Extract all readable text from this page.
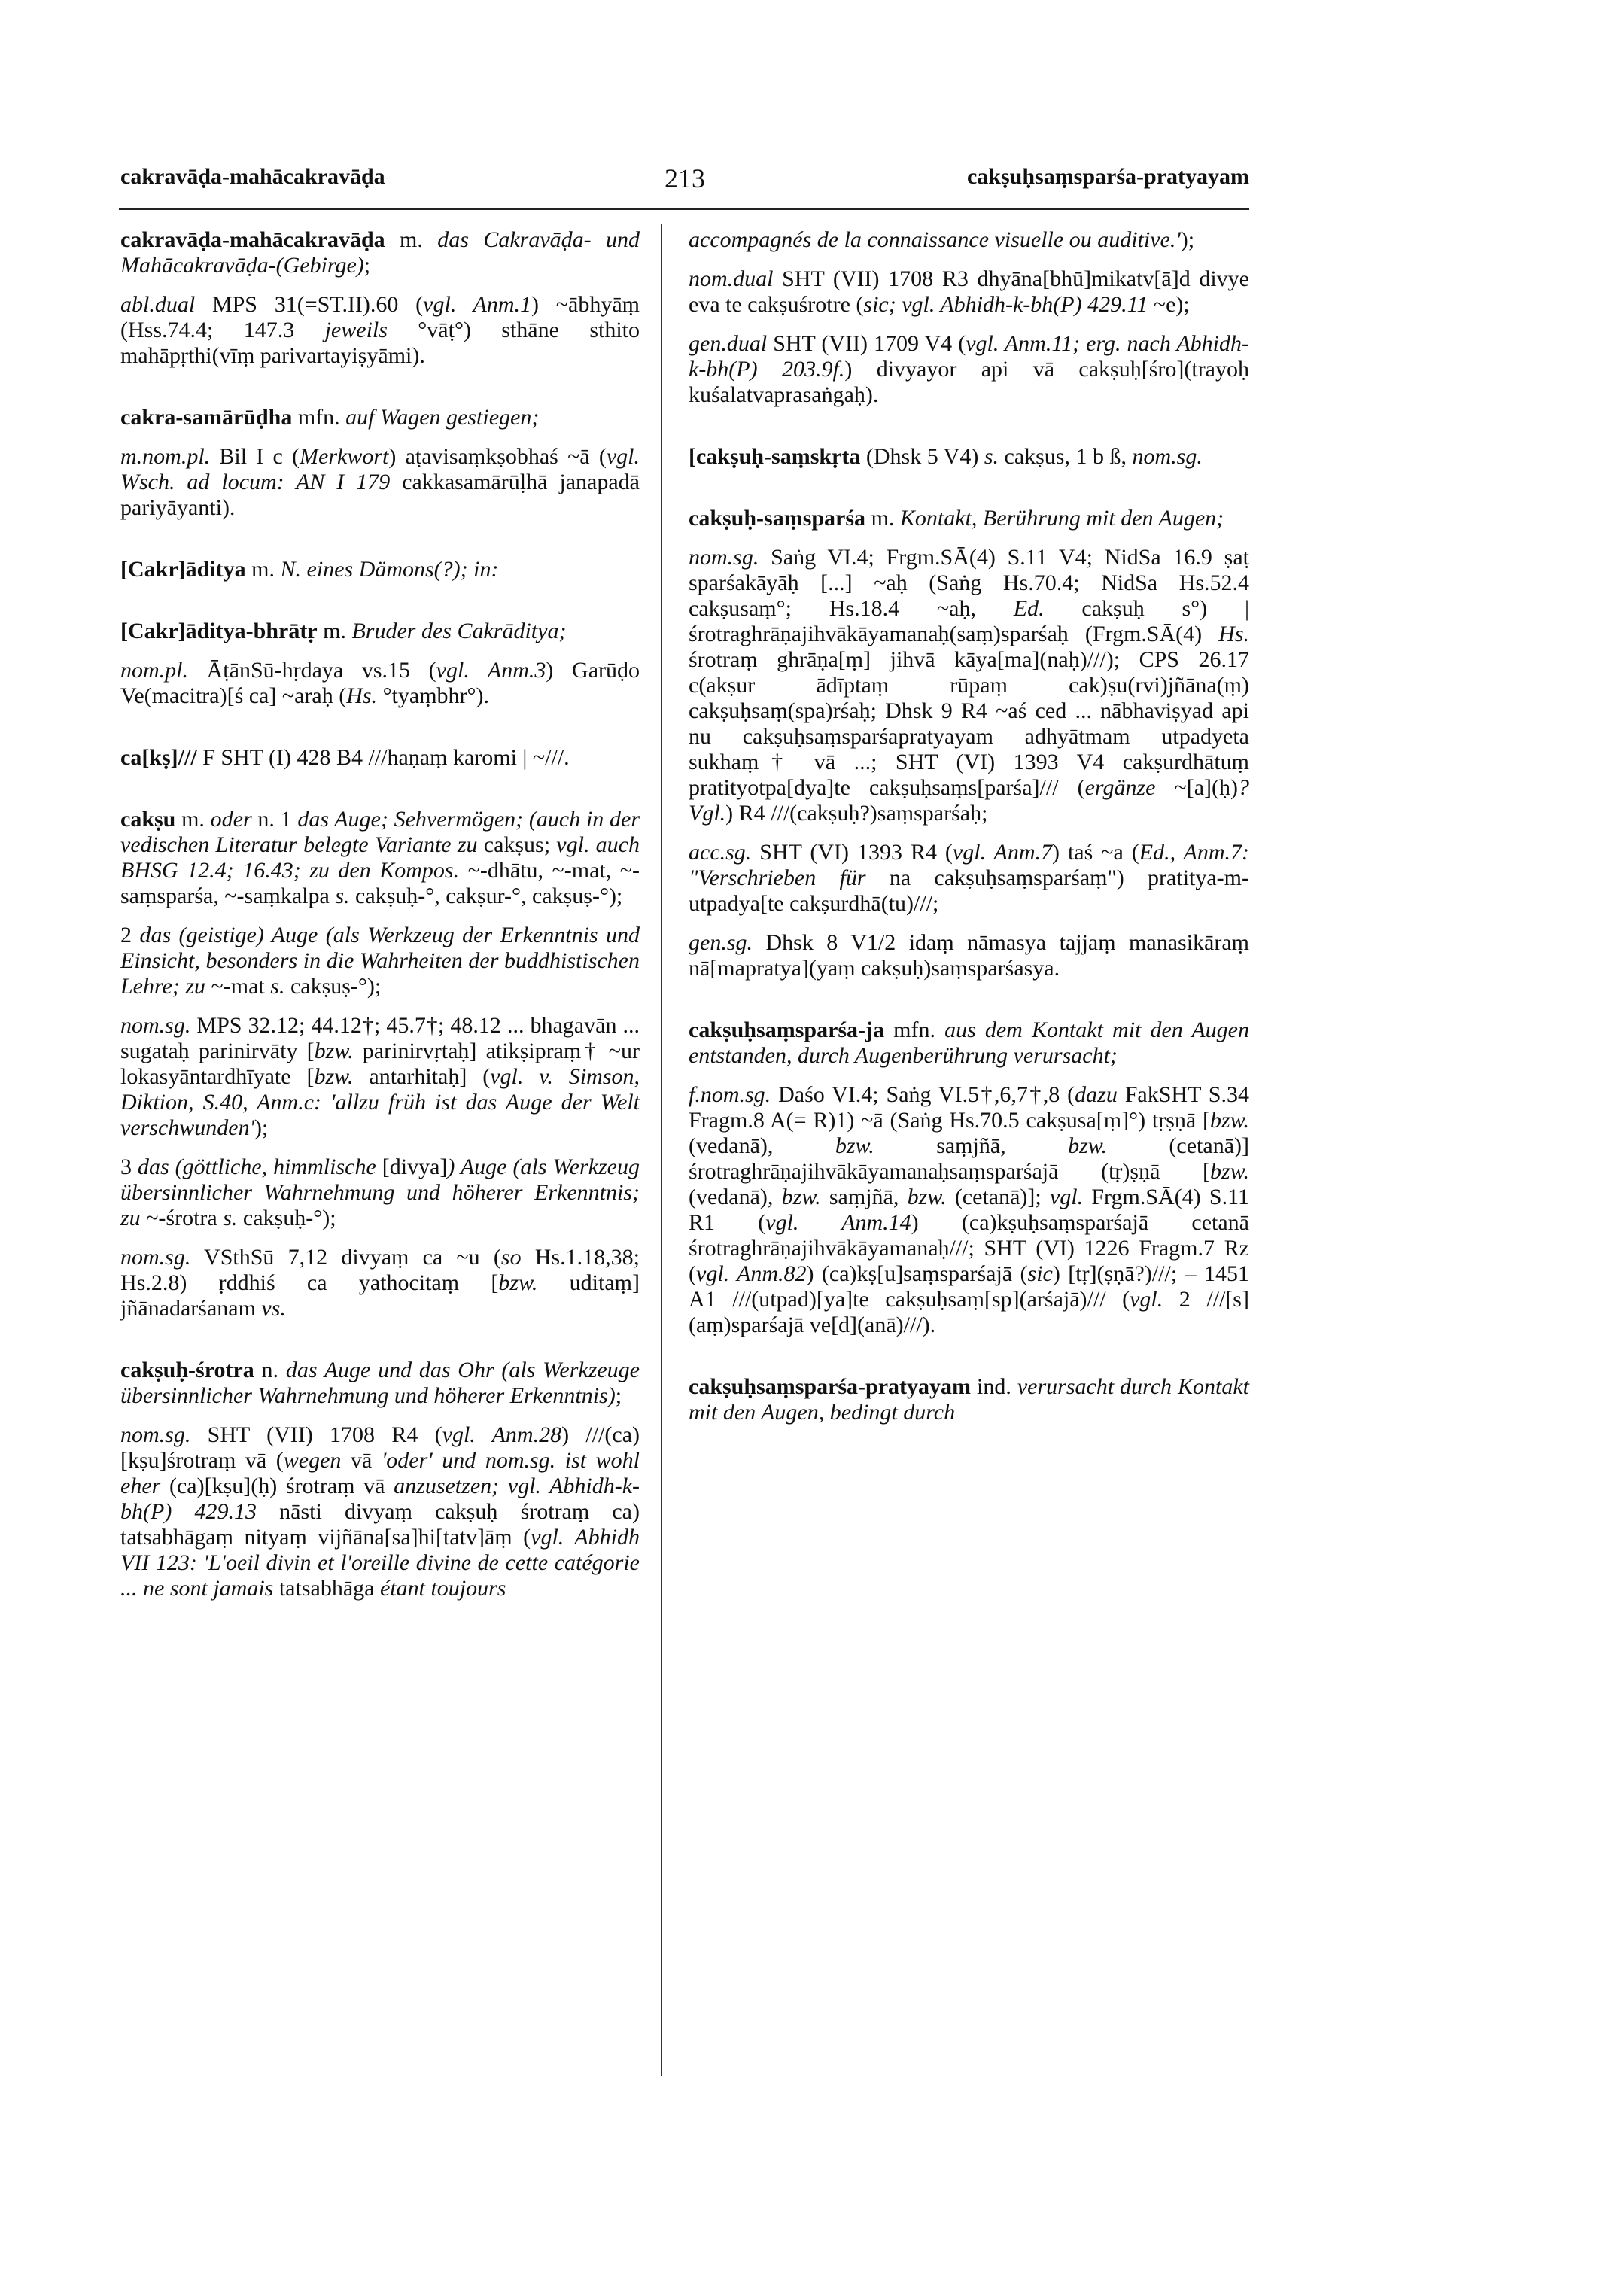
cakravāḍa-mahācakravāḍa	213	cakṣuḥsaṃsparśa-pratyayam

cakravāḍa-mahācakravāḍa m. das Cakravāḍa- und Mahācakravāḍa-(Gebirge);

abl.dual MPS 31(=ST.II).60 (vgl. Anm.1) ~ābhyāṃ (Hss.74.4; 147.3 jeweils °vāṭ°) sthāne sthito mahāpṛthi(vīṃ parivartayiṣyāmi).

cakra-samārūḍha mfn. auf Wagen gestiegen;

m.nom.pl. Bil I c (Merkwort) aṭavisaṃkṣobhaś ~ā (vgl. Wsch. ad locum: AN I 179 cakkasamārūḷhā janapadā pariyāyanti).

[Cakr]āditya m. N. eines Dämons(?); in:

[Cakr]āditya-bhrātṛ m. Bruder des Cakrāditya;

nom.pl. ĀṭānSū-hṛdaya vs.15 (vgl. Anm.3) Garūḍo Ve(macitra)[ś ca] ~araḥ (Hs. °tyaṃbhr°).

ca[kṣ]/// F SHT (I) 428 B4 ///haṇaṃ karomi | ~///.

cakṣu m. oder n. 1 das Auge; Sehvermögen; (auch in der vedischen Literatur belegte Variante zu cakṣus; vgl. auch BHSG 12.4; 16.43; zu den Kompos. ~-dhātu, ~-mat, ~-saṃsparśa, ~-saṃkalpa s. cakṣuḥ-°, cakṣur-°, cakṣuṣ-°);

2 das (geistige) Auge (als Werkzeug der Erkenntnis und Einsicht, besonders in die Wahrheiten der buddhistischen Lehre; zu ~-mat s. cakṣuṣ-°);

nom.sg. MPS 32.12; 44.12†; 45.7†; 48.12 ... bhagavān ... sugataḥ parinirvāty [bzw. parinirvṛtaḥ] atikṣipraṃ† ~ur lokasyāntardhīyate [bzw. antarhitaḥ] (vgl. v. Simson, Diktion, S.40, Anm.c: 'allzu früh ist das Auge der Welt verschwunden');

3 das (göttliche, himmlische [divya]) Auge (als Werkzeug übersinnlicher Wahrnehmung und höherer Erkenntnis; zu ~-śrotra s. cakṣuḥ-°);

nom.sg. VSthSū 7,12 divyaṃ ca ~u (so Hs.1.18,38; Hs.2.8) ṛddhiś ca yathocitaṃ [bzw. uditaṃ] jñānadarśanam vs.

cakṣuḥ-śrotra n. das Auge und das Ohr (als Werkzeuge übersinnlicher Wahrnehmung und höherer Erkenntnis);

nom.sg. SHT (VII) 1708 R4 (vgl. Anm.28) ///(ca)[kṣu]śrotraṃ vā (wegen vā 'oder' und nom.sg. ist wohl eher (ca)[kṣu](ḥ) śrotraṃ vā anzusetzen; vgl. Abhidh-k-bh(P) 429.13 nāsti divyaṃ cakṣuḥ śrotraṃ ca) tatsabhāgaṃ nityaṃ vijñāna[sa]hi[tatv]āṃ (vgl. Abhidh VII 123: 'L'oeil divin et l'oreille divine de cette catégorie ... ne sont jamais tatsabhāga étant toujours

accompagnés de la connaissance visuelle ou auditive.');

nom.dual SHT (VII) 1708 R3 dhyāna[bhū]mikatv[ā]d divye eva te cakṣuśrotre (sic; vgl. Abhidh-k-bh(P) 429.11 ~e);

gen.dual SHT (VII) 1709 V4 (vgl. Anm.11; erg. nach Abhidh-k-bh(P) 203.9f.) divyayor api vā cakṣuḥ[śro](trayoḥ kuśalatvaprasaṅgaḥ).

[cakṣuḥ-saṃskṛta (Dhsk 5 V4) s. cakṣus, 1 b ß, nom.sg.

cakṣuḥ-saṃsparśa m. Kontakt, Berührung mit den Augen;

nom.sg. Saṅg VI.4; Frgm.SĀ(4) S.11 V4; NidSa 16.9 ṣaṭ sparśakāyāḥ [...] ~aḥ (Saṅg Hs.70.4; NidSa Hs.52.4 cakṣusaṃ°; Hs.18.4 ~aḥ, Ed. cakṣuḥ s°) | śrotraghrāṇajihvākāyamanaḥ(saṃ)sparśaḥ (Frgm.SĀ(4) Hs. śrotraṃ ghrāṇa[ṃ] jihvā kāya[ma](naḥ)///); CPS 26.17 c(akṣur ādīptaṃ rūpaṃ cak)ṣu(rvi)jñāna(ṃ) cakṣuḥsaṃ(spa)rśaḥ; Dhsk 9 R4 ~aś ced ... nābhaviṣyad api nu cakṣuḥsaṃsparśapratyayam adhyātmam utpadyeta sukhaṃ† vā ...; SHT (VI) 1393 V4 cakṣurdhātuṃ pratityotpa[dya]te cakṣuḥsaṃs[parśa]/// (ergänze ~[a](ḥ)? Vgl.) R4 ///(cakṣuḥ?)saṃsparśaḥ;

acc.sg. SHT (VI) 1393 R4 (vgl. Anm.7) taś ~a (Ed., Anm.7: "Verschrieben für na cakṣuḥsaṃsparśaṃ") pratitya-m-utpadya[te cakṣurdhā(tu)///;

gen.sg. Dhsk 8 V1/2 idaṃ nāmasya tajjaṃ manasikāraṃ nā[mapratya](yaṃ cakṣuḥ)saṃsparśasya.

cakṣuḥsaṃsparśa-ja mfn. aus dem Kontakt mit den Augen entstanden, durch Augenberührung verursacht;

f.nom.sg. Daśo VI.4; Saṅg VI.5†,6,7†,8 (dazu FakSHT S.34 Fragm.8 A(= R)1) ~ā (Saṅg Hs.70.5 cakṣusa[ṃ]°) tṛṣṇā [bzw. (vedanā), bzw. saṃjñā, bzw. (cetanā)] śrotraghrāṇajihvākāyamanaḥsaṃsparśajā (tṛ)ṣṇā [bzw. (vedanā), bzw. saṃjñā, bzw. (cetanā)]; vgl. Frgm.SĀ(4) S.11 R1 (vgl. Anm.14) (ca)kṣuḥsaṃsparśajā cetanā śrotraghrāṇajihvākāyamanaḥ///; SHT (VI) 1226 Fragm.7 Rz (vgl. Anm.82) (ca)kṣ[u]saṃsparśajā (sic) [tṛ](ṣṇā?)///; – 1451 A1 ///(utpad)[ya]te cakṣuḥsaṃ[sp](arśajā)/// (vgl. 2 ///[s](aṃ)sparśajā ve[d](anā)///).

cakṣuḥsaṃsparśa-pratyayam ind. verursacht durch Kontakt mit den Augen, bedingt durch
